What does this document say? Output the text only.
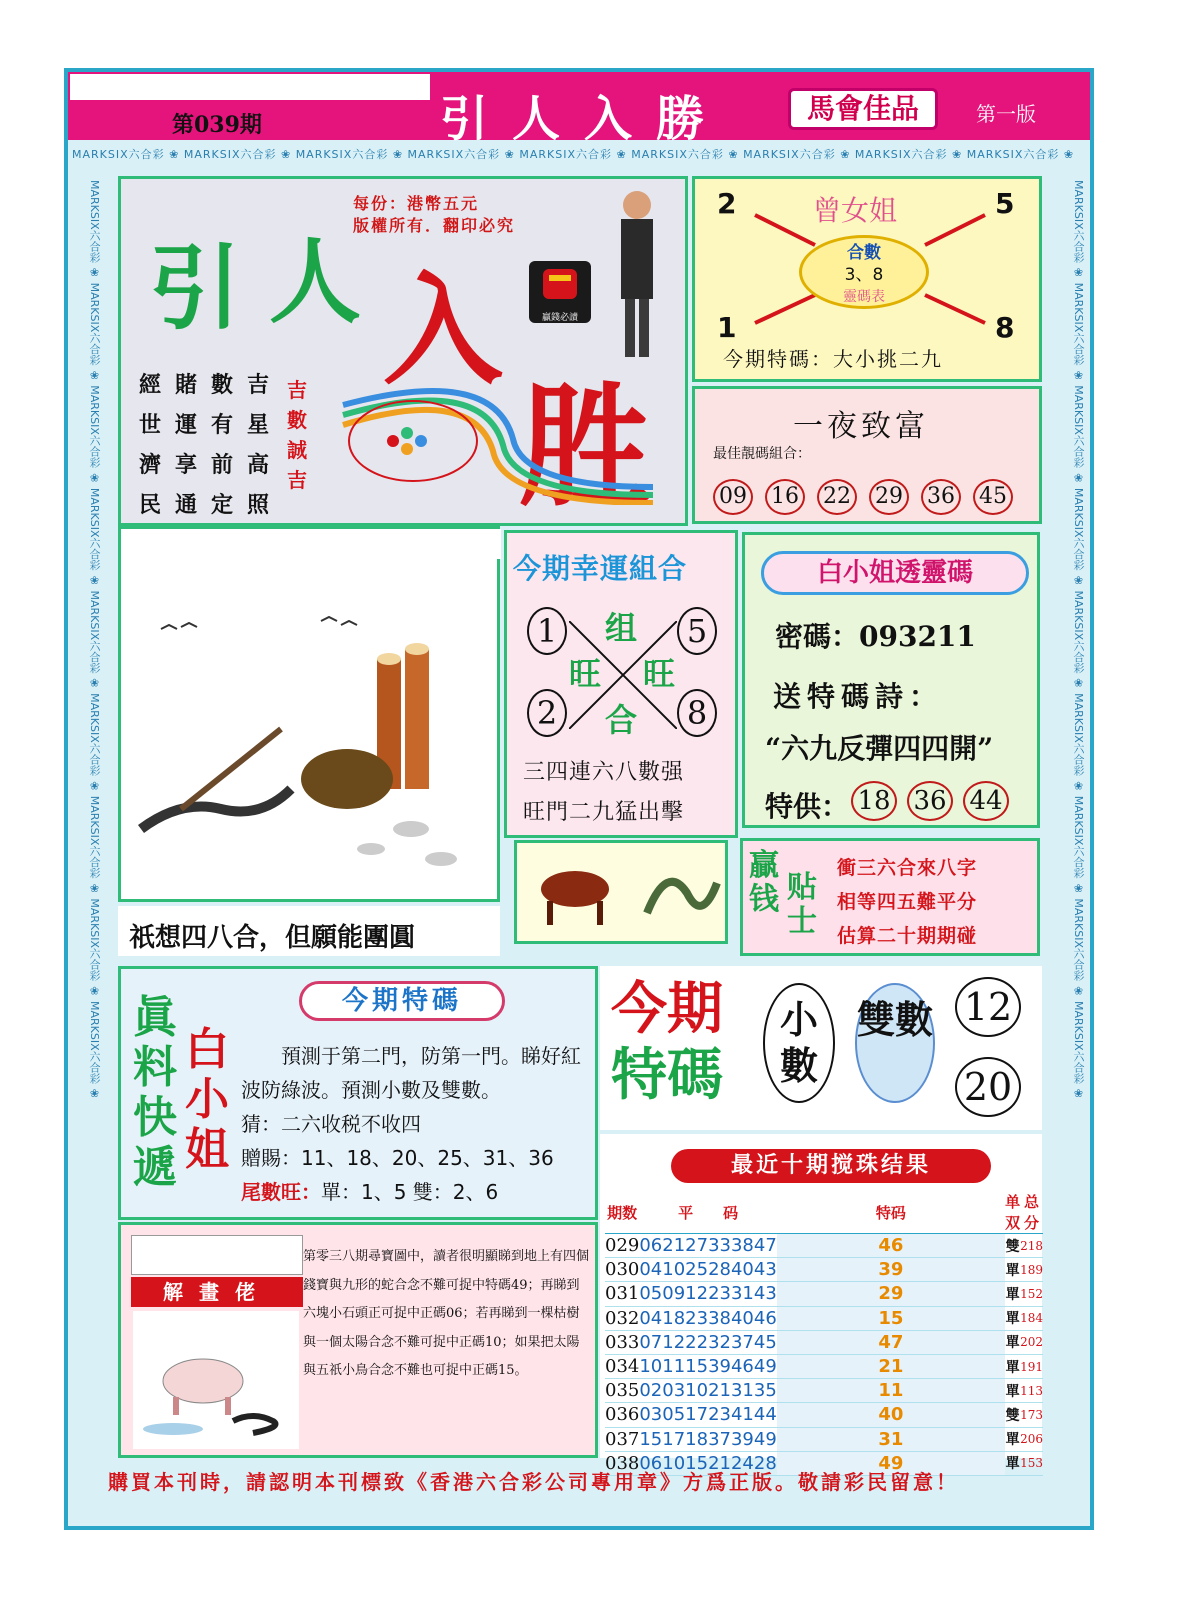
第039期	引人入勝	馬會佳品	第一版
MARKSIX六合彩 ❀ MARKSIX六合彩 ❀ MARKSIX六合彩 ❀ MARKSIX六合彩 ❀ MARKSIX六合彩 ❀ MARKSIX六合彩 ❀ MARKSIX六合彩 ❀ MARKSIX六合彩 ❀ MARKSIX六合彩 ❀
MARKSIX六合彩 ❀ MARKSIX六合彩 ❀ MARKSIX六合彩 ❀ MARKSIX六合彩 ❀ MARKSIX六合彩 ❀ MARKSIX六合彩 ❀ MARKSIX六合彩 ❀ MARKSIX六合彩 ❀ MARKSIX六合彩 ❀	MARKSIX六合彩 ❀ MARKSIX六合彩 ❀ MARKSIX六合彩 ❀ MARKSIX六合彩 ❀ MARKSIX六合彩 ❀ MARKSIX六合彩 ❀ MARKSIX六合彩 ❀ MARKSIX六合彩 ❀ MARKSIX六合彩 ❀
每份：港幣五元
版權所有．翻印必究
引 人 入
胜
贏錢必讀
經賭數吉
世運有星
濟享前高
民通定照
吉數誠吉
曾女姐
2	5
1	8
合數
3、8
靈碼表
今期特碼：大小挑二九
一夜致富
最佳靚碼組合：
09 16 22 29 36 45
祇想四八合，但願能團圓
今期幸運組合
1	5
2	8
组
旺 旺
合
三四連六八數强
旺門二九猛出擊
白小姐透靈碼
密碼：093211
送特碼詩：
“六九反彈四四開”
特供： 18 36 44
贏钱 贴士
衝三六合來八字
相等四五難平分
估算二十期期碰
今期特碼
眞料快遞
白小姐
預測于第二門，防第一門。睇好紅波防綠波。預測小數及雙數。
猜：二六收税不收四
贈賜：11、18、20、25、31、36
尾數旺：單：1、5 雙：2、6
今期
特碼
小數
雙數 12
20
最近十期搅珠结果
期数	平　　码						特码	单双	总分
029	06	21	27	33	38	47	46	雙	218
030	04	10	25	28	40	43	39	單	189
031	05	09	12	23	31	43	29	單	152
032	04	18	23	38	40	46	15	單	184
033	07	12	22	32	37	45	47	單	202
034	10	11	15	39	46	49	21	單	191
035	02	03	10	21	31	35	11	單	113
036	03	05	17	23	41	44	40	雙	173
037	15	17	18	37	39	49	31	單	206
038	06	10	15	21	24	28	49	單	153
解畫佬
第零三八期尋寶圖中，讀者很明顯睇到地上有四個錢寶與九形的蛇合念不難可捉中特碼49；再睇到六塊小石頭正可捉中正碼06；若再睇到一棵枯樹與一個太陽合念不難可捉中正碼10；如果把太陽與五祇小鳥合念不難也可捉中正碼15。
購買本刊時，請認明本刊標致《香港六合彩公司專用章》方爲正版。敬請彩民留意！
